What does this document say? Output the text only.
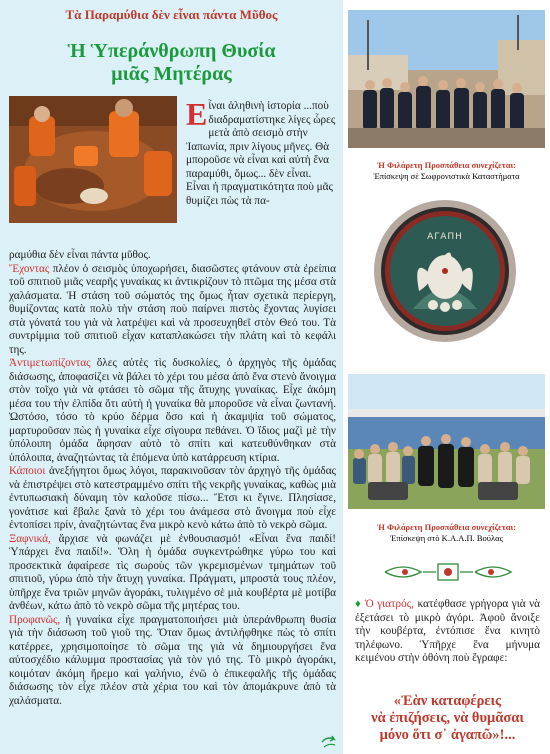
Τὰ Παραμύθια δὲν εἶναι πάντα Μῦθος
Ἡ Ὑπεράνθρωπη Θυσία
μιᾶς Μητέρας
Εἶναι ἀληθινὴ ἱστορία ...ποὺ διαδραματίστηκε λίγες ὧρες μετὰ ἀπὸ σεισμὸ στὴν Ἰαπωνία, πριν λίγους μῆνες. Θὰ μποροῦσε νὰ εἶναι καὶ αὐτὴ ἕνα παραμύθι, ὅμως... δὲν εἶναι. Εἶναι ἡ πραγματικότητα ποὺ μᾶς θυμίζει πὼς τὰ πα-

ραμύθια δὲν εἶναι πάντα μῦθος.

Ἔχοντας πλέον ὁ σεισμὸς ὑποχωρήσει, διασῶστες φτάνουν στὰ ἐρείπια τοῦ σπιτιοῦ μιᾶς νεαρῆς γυναίκας κι ἀντικρίζουν τὸ πτῶμα της μέσα στὰ χαλάσματα. Ἡ στάση τοῦ σώματός της ὅμως ἦταν σχετικὰ περίεργη, θυμίζοντας κατὰ πολὺ τὴν στάση ποὺ παίρνει πιστὸς ἔχοντας λυγίσει στὰ γόνατά του γιὰ νὰ λατρέψει καὶ νὰ προσευχηθεῖ στὸν Θεό του. Τὰ συντρίμμια τοῦ σπιτιοῦ εἶχαν καταπλακώσει τὴν πλάτη καὶ τὸ κεφάλι της.

Ἀντιμετωπίζοντας ὅλες αὐτὲς τὶς δυσκολίες, ὁ ἀρχηγὸς τῆς ὁμάδας διάσωσης, ἀποφασίζει νὰ βάλει τὸ χέρι του μέσα ἀπὸ ἕνα στενὸ ἄνοιγμα στὸν τοῖχο γιὰ νὰ φτάσει τὸ σῶμα τῆς ἄτυχης γυναίκας. Εἶχε ἀκόμη μέσα του τὴν ἐλπίδα ὅτι αὐτὴ ἡ γυναίκα θὰ μποροῦσε νὰ εἶναι ζωντανή. Ὡστόσο, τόσο τὸ κρύο δέρμα ὅσο καὶ ἡ ἀκαμψία τοῦ σώματος, μαρτυροῦσαν πὼς ἡ γυναίκα εἶχε σίγουρα πεθάνει. Ὁ ἴδιος μαζὶ μὲ τὴν ὑπόλοιπη ὁμάδα ἄφησαν αὐτὸ τὸ σπίτι καὶ κατευθύνθηκαν στὰ ὑπόλοιπα, ἀναζητώντας τὰ ἑπόμενα ὑπὸ κατάρρευση κτίρια.

Κάποιοι ἀνεξήγητοι ὅμως λόγοι, παρακινοῦσαν τὸν ἀρχηγὸ τῆς ὁμάδας νὰ ἐπιστρέψει στὸ κατεστραμμένο σπίτι τῆς νεκρῆς γυναίκας, καθὼς μιὰ ἐντυπωσιακὴ δύναμη τὸν καλοῦσε πίσω... Ἔτσι κι ἔγινε. Πλησίασε, γονάτισε καὶ ἔβαλε ξανὰ τὸ χέρι του ἀνάμεσα στὸ ἄνοιγμα ποὺ εἶχε ἐντοπίσει πρίν, ἀναζητώντας ἕνα μικρὸ κενὸ κάτω ἀπὸ τὸ νεκρὸ σῶμα.

Ξαφνικά, ἄρχισε νὰ φωνάζει μὲ ἐνθουσιασμό! «Εἶναι ἕνα παιδί! Ὑπάρχει ἕνα παιδί!». Ὅλη ἡ ὁμάδα συγκεντρώθηκε γύρω του καὶ προσεκτικὰ ἀφαίρεσε τὶς σωροὺς τῶν γκρεμισμένων τμημάτων τοῦ σπιτιοῦ, γύρω ἀπὸ τὴν ἄτυχη γυναίκα. Πράγματι, μπροστὰ τους πλέον, ὑπῆρχε ἕνα τριῶν μηνῶν ἀγοράκι, τυλιγμένο σὲ μιὰ κουβέρτα μὲ μοτίβα ἀνθέων, κάτω ἀπὸ τὸ νεκρὸ σῶμα τῆς μητέρας του.

Προφανῶς, ἡ γυναίκα εἶχε πραγματοποιήσει μιὰ ὑπεράνθρωπη θυσία γιὰ τὴν διάσωση τοῦ γιοῦ της. Ὅταν ὅμως ἀντιλήφθηκε πὼς τὸ σπίτι κατέρρεε, χρησιμοποίησε τὸ σῶμα της γιὰ νὰ δημιουργήσει ἕνα αὐτοσχέδιο κάλυμμα προστασίας γιὰ τὸν γιό της. Τὸ μικρὸ ἀγοράκι, κοιμόταν ἀκόμη ἤρεμο καὶ γαλήνιο, ἐνῶ ὁ ἐπικεφαλῆς τῆς ὁμάδας διάσωσης τὸν εἶχε πλέον στὰ χέρια του καὶ τὸν ἀπομάκρυνε ἀπὸ τὰ χαλάσματα.

Ἡ Φιλάρετη Προσπάθεια συνεχίζεται:
Ἐπίσκεψη σὲ Σωφρονιστικὰ Καταστήματα
ΑΓΑΠΗ
Ἡ Φιλάρετη Προσπάθεια συνεχίζεται:
Ἐπίσκεψη στὸ Κ.Α.Α.Π. Βούλας
♦ Ὁ γιατρός, κατέφθασε γρήγορα γιὰ νὰ ἐξετάσει τὸ μικρὸ ἀγόρι. Ἀφοῦ ἄνοιξε τὴν κουβέρτα, ἐντόπισε ἕνα κινητὸ τηλέφωνο. Ὑπῆρχε ἕνα μήνυμα κειμένου στὴν ὀθόνη ποὺ ἔγραφε:
«Ἐὰν καταφέρεις
νὰ ἐπιζήσεις, νὰ θυμᾶσαι
μόνο ὅτι σ᾽ ἀγαπῶ»!...
